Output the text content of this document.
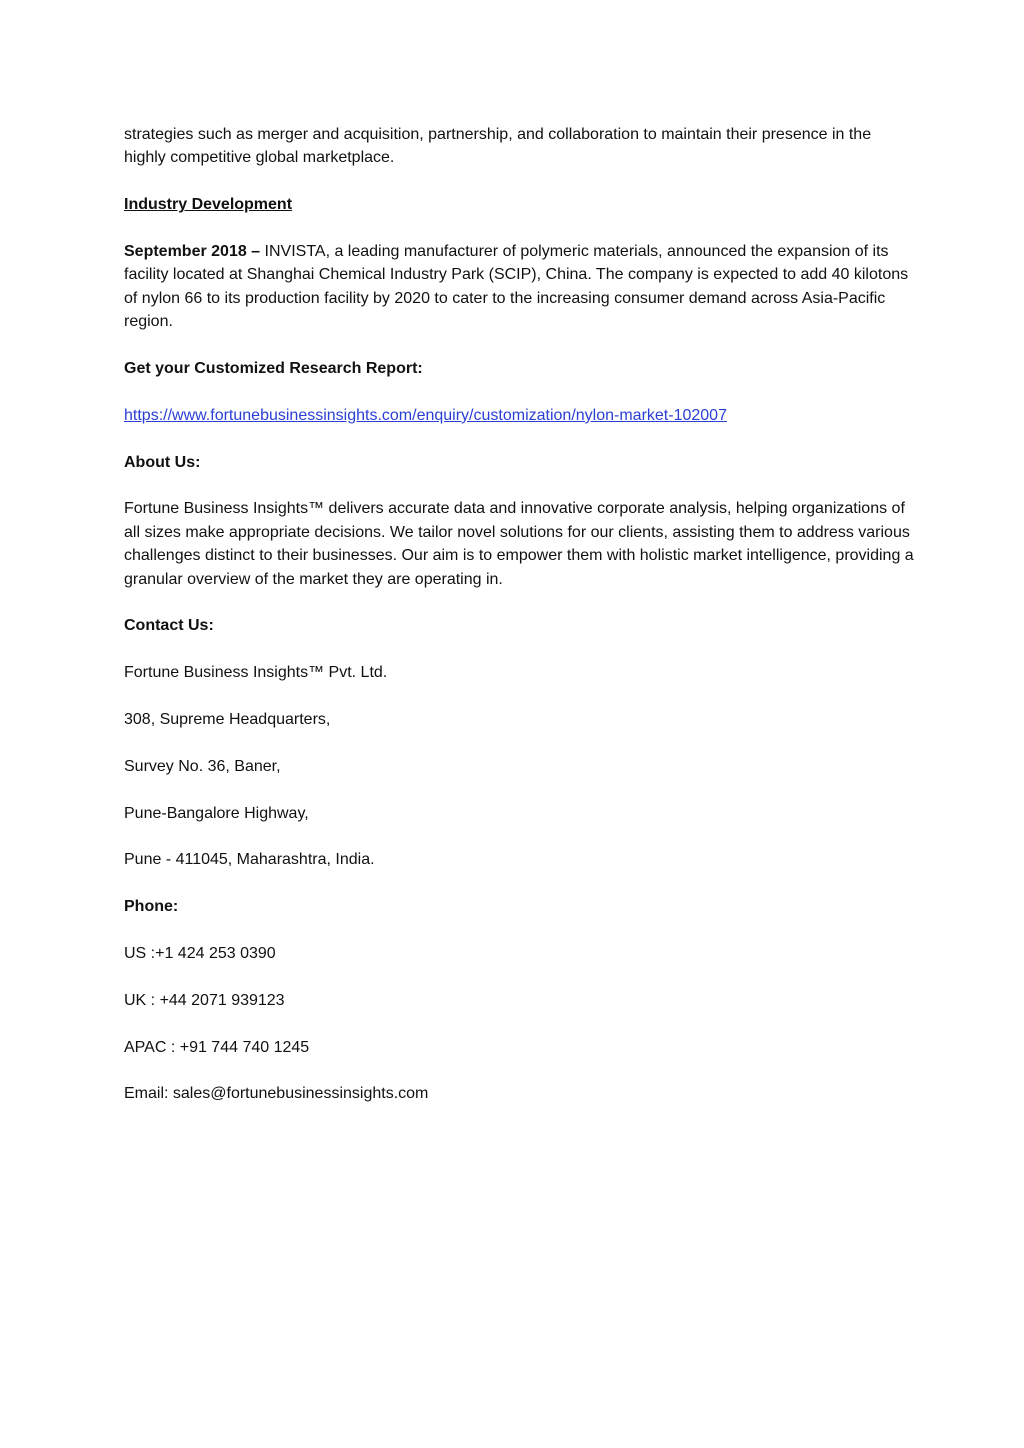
strategies such as merger and acquisition, partnership, and collaboration to maintain their presence in the highly competitive global marketplace.

Industry Development

September 2018 – INVISTA, a leading manufacturer of polymeric materials, announced the expansion of its facility located at Shanghai Chemical Industry Park (SCIP), China. The company is expected to add 40 kilotons of nylon 66 to its production facility by 2020 to cater to the increasing consumer demand across Asia-Pacific region.

Get your Customized Research Report:

https://www.fortunebusinessinsights.com/enquiry/customization/nylon-market-102007

About Us:

Fortune Business Insights™ delivers accurate data and innovative corporate analysis, helping organizations of all sizes make appropriate decisions. We tailor novel solutions for our clients, assisting them to address various challenges distinct to their businesses. Our aim is to empower them with holistic market intelligence, providing a granular overview of the market they are operating in.

Contact Us:

Fortune Business Insights™ Pvt. Ltd.

308, Supreme Headquarters,

Survey No. 36, Baner,

Pune-Bangalore Highway,

Pune - 411045, Maharashtra, India.

Phone:

US :+1 424 253 0390

UK : +44 2071 939123

APAC : +91 744 740 1245

Email: sales@fortunebusinessinsights.com
